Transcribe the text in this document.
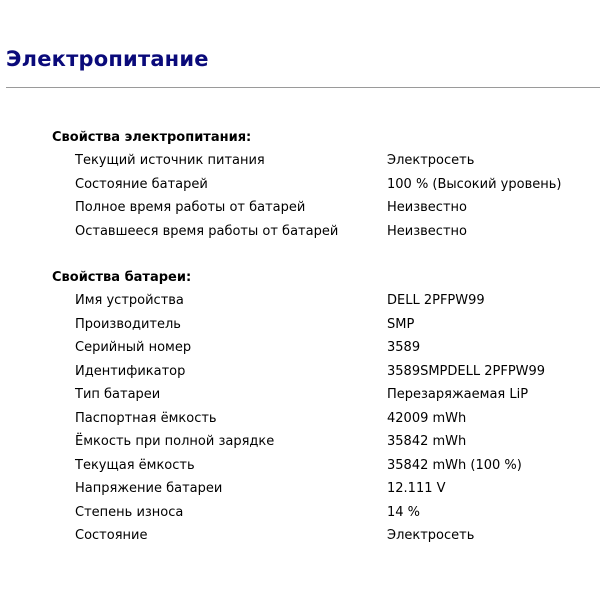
Электропитание
Свойства электропитания:
Текущий источник питания	Электросеть
Состояние батарей	100 % (Высокий уровень)
Полное время работы от батарей	Неизвестно
Оставшееся время работы от батарей	Неизвестно
Свойства батареи:
Имя устройства	DELL 2PFPW99
Производитель	SMP
Серийный номер	3589
Идентификатор	3589SMPDELL 2PFPW99
Тип батареи	Перезаряжаемая LiP
Паспортная ёмкость	42009 mWh
Ёмкость при полной зарядке	35842 mWh
Текущая ёмкость	35842 mWh (100 %)
Напряжение батареи	12.111 V
Степень износа	14 %
Состояние	Электросеть
